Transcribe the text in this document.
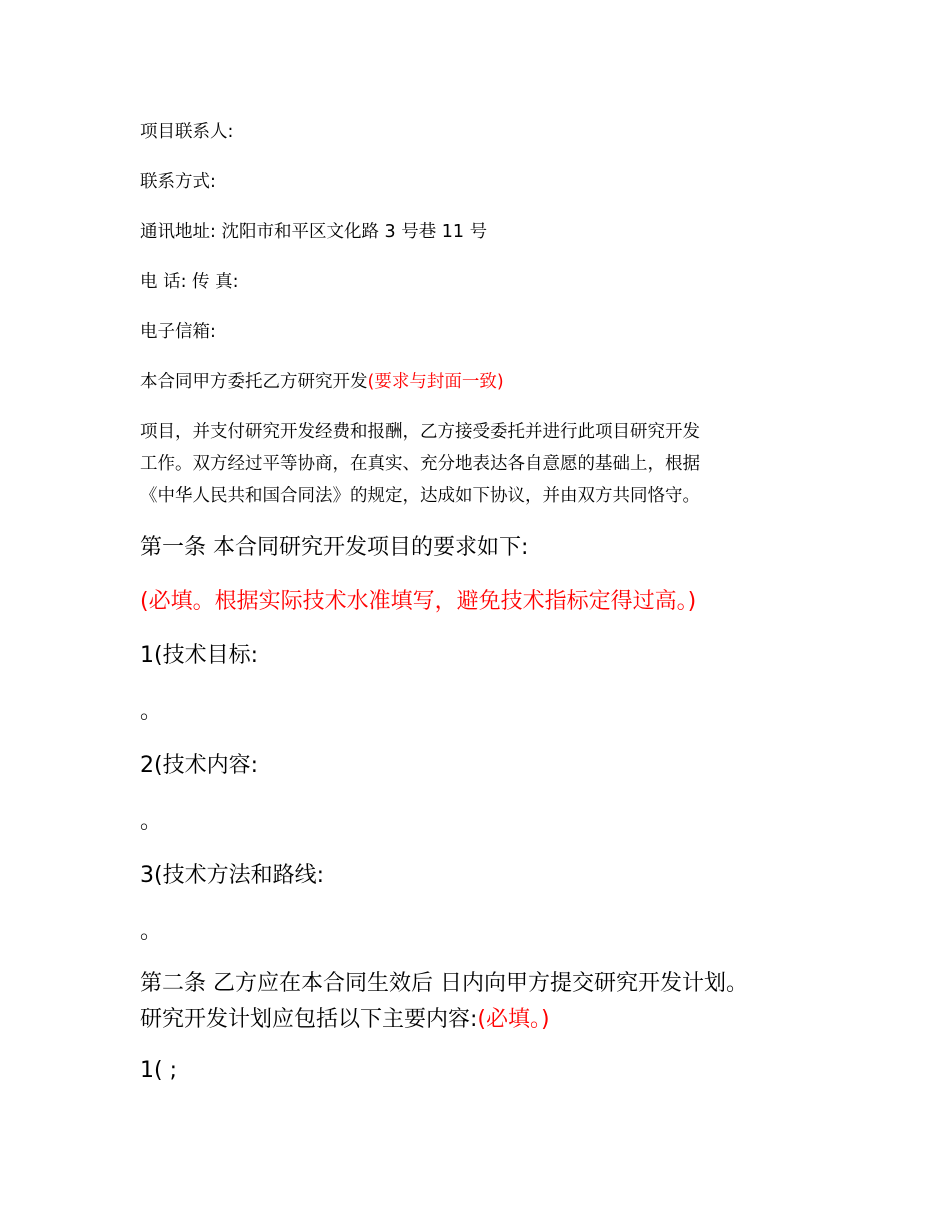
项目联系人:

联系方式:

通讯地址: 沈阳市和平区文化路 3 号巷 11 号

电 话: 传 真:

电子信箱:

本合同甲方委托乙方研究开发(要求与封面一致)

项目，并支付研究开发经费和报酬，乙方接受委托并进行此项目研究开发

工作。双方经过平等协商，在真实、充分地表达各自意愿的基础上，根据

《中华人民共和国合同法》的规定，达成如下协议，并由双方共同恪守。

第一条 本合同研究开发项目的要求如下:

(必填。根据实际技术水准填写，避免技术指标定得过高。)

1(技术目标:

。

2(技术内容:

。

3(技术方法和路线:

。

第二条 乙方应在本合同生效后 日内向甲方提交研究开发计划。

研究开发计划应包括以下主要内容:(必填。)

1( ;
